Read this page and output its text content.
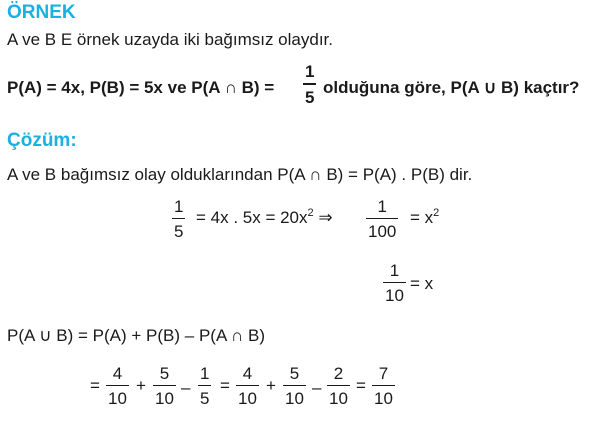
ÖRNEK
A ve B E örnek uzayda iki bağımsız olaydır.
P(A) = 4x, P(B) = 5x ve P(A ∩ B) =
1
5
olduğuna göre, P(A ∪ B) kaçtır?
Çözüm:
A ve B bağımsız olay olduklarından P(A ∩ B) = P(A) . P(B) dir.
1
5
= 4x . $5x = 20x^2$ ⇒
1
100
= $x^2$
1
10
= x
P(A ∪ B) = P(A) + P(B) – P(A ∩ B)
=
4
10
+
5
10
–
1
5
=
4
10
+
5
10
–
2
10
=
7
10
